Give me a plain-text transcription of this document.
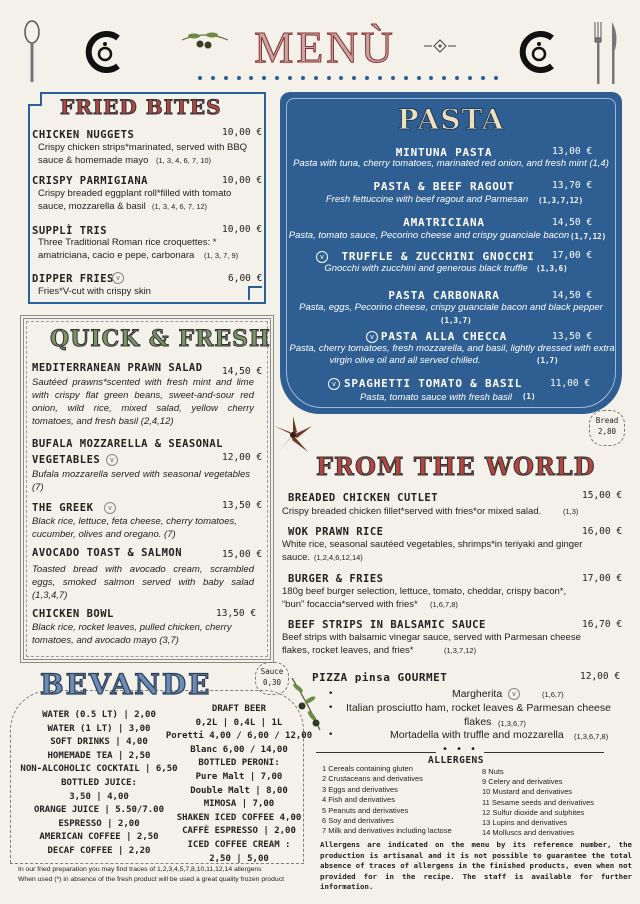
MENÙ
FRIED BITES
CHICKEN NUGGETS	10,00 €
Crispy chicken strips*marinated, served with BBQ
sauce & homemade mayo (1, 3, 4, 6, 7, 10)
CRISPY PARMIGIANA	10,00 €
Crispy breaded eggplant roll*filled with tomato
sauce, mozzarella & basil (1, 3, 4, 6, 7, 12)
SUPPLÌ TRIS	10,00 €
Three Traditional Roman rice croquettes: *
amatriciana, cacio e pepe, carbonara (1, 3, 7, 9)
DIPPER FRIES v	6,00 €
Fries*V-cut with crispy skin
QUICK & FRESH
MEDITERRANEAN PRAWN SALAD 14,50 €
Sautéed prawns*scented with fresh mint and lime with crispy flat green beans, sweet-and-sour red onion, wild rice, mixed salad, yellow cherry tomatoes, and fresh basil (2,4,12)
BUFALA MOZZARELLA & SEASONAL
VEGETABLES	v	12,00 €
Bufala mozzarella served with seasonal vegetables (7)
THE GREEK	v	13,50 €
Black rice, lettuce, feta cheese, cherry tomatoes, cucumber, olives and oregano. (7)
AVOCADO TOAST & SALMON	15,00 €
Toasted bread with avocado cream, scrambled eggs, smoked salmon served with baby salad (1,3,4,7)
CHICKEN BOWL	13,50 €
Black rice, rocket leaves, pulled chicken, cherry tomatoes, and avocado mayo (3,7)
PASTA
MINTUNA PASTA	13,00 €
Pasta with tuna, cherry tomatoes, marinated red onion, and fresh mint (1,4)
PASTA & BEEF RAGOUT	13,70 €
Fresh fettuccine with beef ragout and Parmesan	(1,3,7,12)
AMATRICIANA	14,50 €
Pasta, tomato sauce, Pecorino cheese and crispy guanciale bacon (1,7,12)
v	TRUFFLE & ZUCCHINI GNOCCHI	17,00 €
Gnocchi with zucchini and generous black truffle	(1,3,6)
PASTA CARBONARA	14,50 €
Pasta, eggs, Pecorino cheese, crispy guanciale bacon and black pepper
(1,3,7)
v PASTA ALLA CHECCA	13,50 €
Pasta, cherry tomatoes, fresh mozzarella, and basil, lightly dressed with extra
virgin olive oil and all served chilled.	(1,7)
v SPAGHETTI TOMATO & BASIL	11,00 €
Pasta, tomato sauce with fresh basil	(1)
Bread
2,80
FROM THE WORLD
BREADED CHICKEN CUTLET	15,00 €
Crispy breaded chicken fillet*served with fries*or mixed salad.	(1,3)
WOK PRAWN RICE	16,00 €
White rice, seasonal sautéed vegetables, shrimps*in teriyaki and ginger
sauce. (1,2,4,6,12,14)
BURGER & FRIES	17,00 €
180g beef burger selection, lettuce, tomato, cheddar, crispy bacon*,
“bun” focaccia*served with fries* (1,6,7,8)
BEEF STRIPS IN BALSAMIC SAUCE	16,70 €
Beef strips with balsamic vinegar sauce, served with Parmesan cheese
flakes, rocket leaves, and fries*	(1,3,7,12)
Sauce
0,30	PIZZA pinsa GOURMET	12,00 €
•	Margherita	v	(1,6,7)
• Italian prosciutto ham, rocket leaves & Parmesan cheese
flakes (1,3,6,7)
•	Mortadella with truffle and mozzarella (1,3,6,7,8)
•••
ALLERGENS
1 Cereals containing gluten
2 Crustaceans and derivatives
3 Eggs and derivatives
4 Fish and derivatives
5 Peanuts and derivatives
6 Soy and derivatives
7 Milk and derivatives including lactose
8 Nuts
9 Celery and derivatives
10 Mustard and derivatives
11 Sesame seeds and derivatives
12 Sulfur dioxide and sulphites
13 Lupins and derivatives
14 Molluscs and derivatives
Allergens are indicated on the menu by its reference number, the production is artisanal and it is not possible to guarantee the total absence of traces of allergens in the finished products, even when not provided for in the recipe. The staff is available for further information.
BEVANDE
WATER (0.5 LT) | 2,00
WATER (1 LT) | 3,00
SOFT DRINKS | 4,00
HOMEMADE TEA | 2,50
NON-ALCOHOLIC COCKTAIL | 6,50
BOTTLED JUICE:
3,50 | 4,00
ORANGE JUICE | 5.50/7.00
ESPRESSO | 2,00
AMERICAN COFFEE | 2,50
DECAF COFFEE | 2,20
DRAFT BEER
0,2L | 0,4L | 1L
Poretti 4,00 / 6,00 / 12,00
Blanc 6,00 / 14,00
BOTTLED PERONI:
Pure Malt | 7,00
Double Malt | 8,00
MIMOSA | 7,00
SHAKEN ICED COFFEE 4,00
CAFFÈ ESPRESSO | 2,00
ICED COFFEE CREAM :
2,50 | 5,00
In our fried preparation you may find traces of 1,2,3,4,5,7,8,10,11,12,14 allergens
When used (*) in absence of the fresh product will be used a great quality frozen product
